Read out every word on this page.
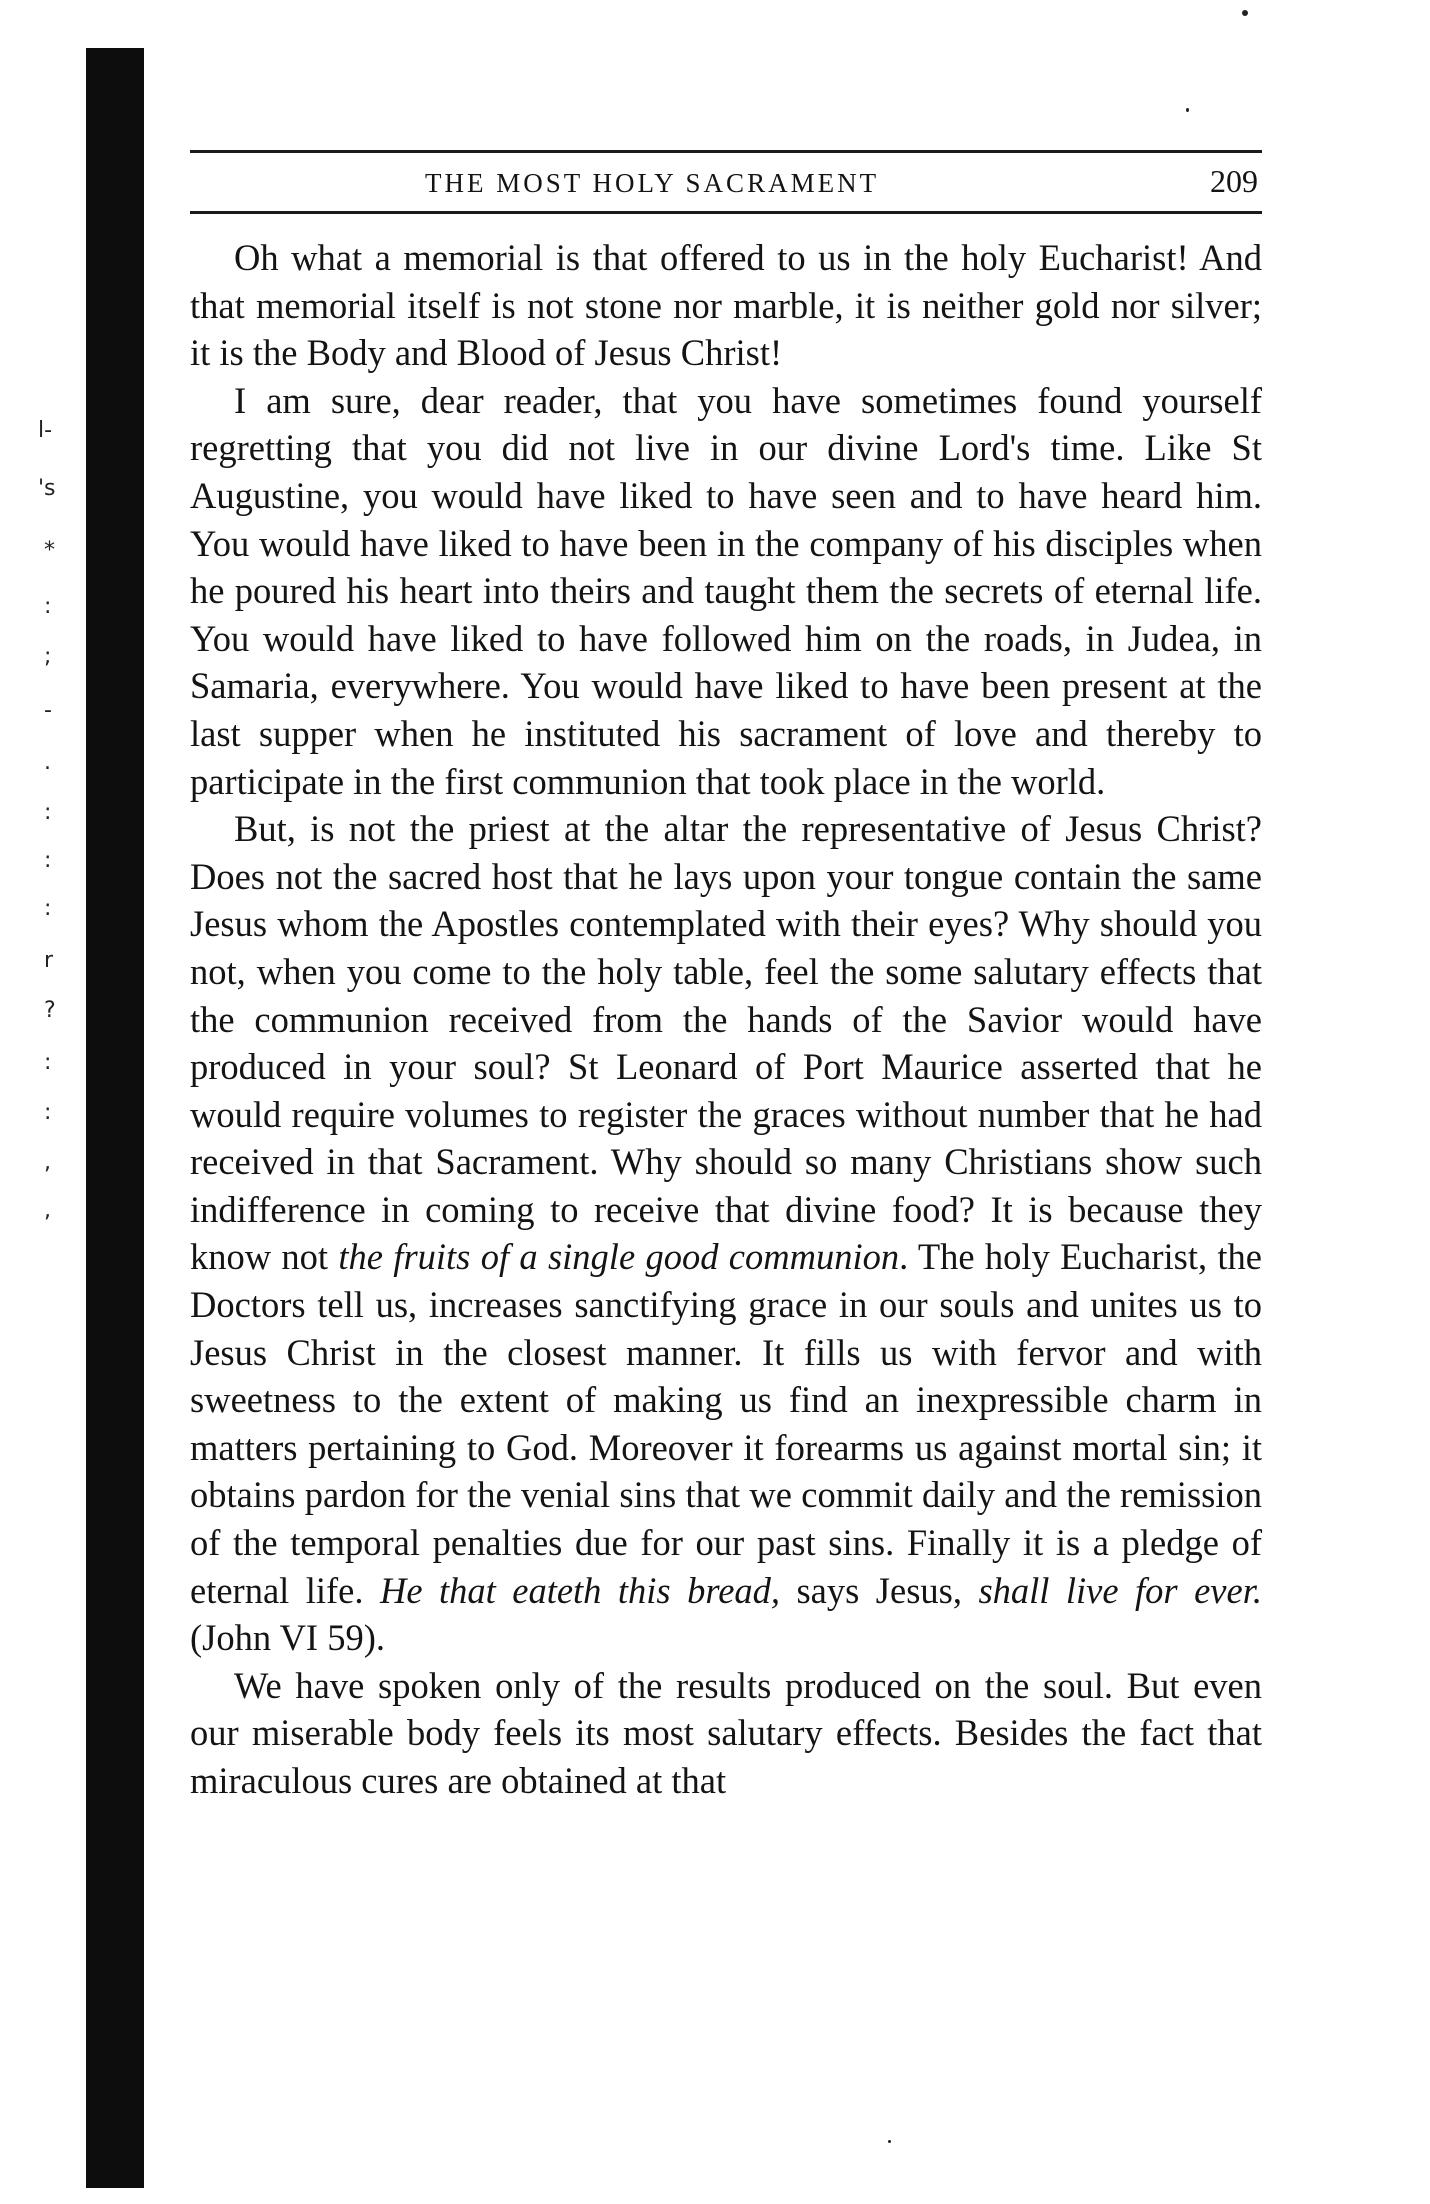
l-
's
*
:
;
-
.
:
:
:
r
?
:
:
,
,
THE MOST HOLY SACRAMENT	209

Oh what a memorial is that offered to us in the holy Eucharist! And that memorial itself is not stone nor marble, it is neither gold nor silver; it is the Body and Blood of Jesus Christ!

I am sure, dear reader, that you have sometimes found yourself regretting that you did not live in our divine Lord's time. Like St Augustine, you would have liked to have seen and to have heard him. You would have liked to have been in the company of his disciples when he poured his heart into theirs and taught them the secrets of eternal life. You would have liked to have followed him on the roads, in Judea, in Samaria, everywhere. You would have liked to have been present at the last supper when he instituted his sacrament of love and thereby to participate in the first communion that took place in the world.

But, is not the priest at the altar the representative of Jesus Christ? Does not the sacred host that he lays upon your tongue contain the same Jesus whom the Apostles contemplated with their eyes? Why should you not, when you come to the holy table, feel the some salutary effects that the communion received from the hands of the Savior would have produced in your soul? St Leonard of Port Maurice asserted that he would require volumes to register the graces without number that he had received in that Sacrament. Why should so many Christians show such indifference in coming to receive that divine food? It is because they know not the fruits of a single good communion. The holy Eucharist, the Doctors tell us, increases sanctifying grace in our souls and unites us to Jesus Christ in the closest manner. It fills us with fervor and with sweetness to the extent of making us find an inexpressible charm in matters pertaining to God. Moreover it forearms us against mortal sin; it obtains pardon for the venial sins that we commit daily and the remission of the temporal penalties due for our past sins. Finally it is a pledge of eternal life. He that eateth this bread, says Jesus, shall live for ever. (John VI 59).

We have spoken only of the results produced on the soul. But even our miserable body feels its most salutary effects. Besides the fact that miraculous cures are obtained at that
